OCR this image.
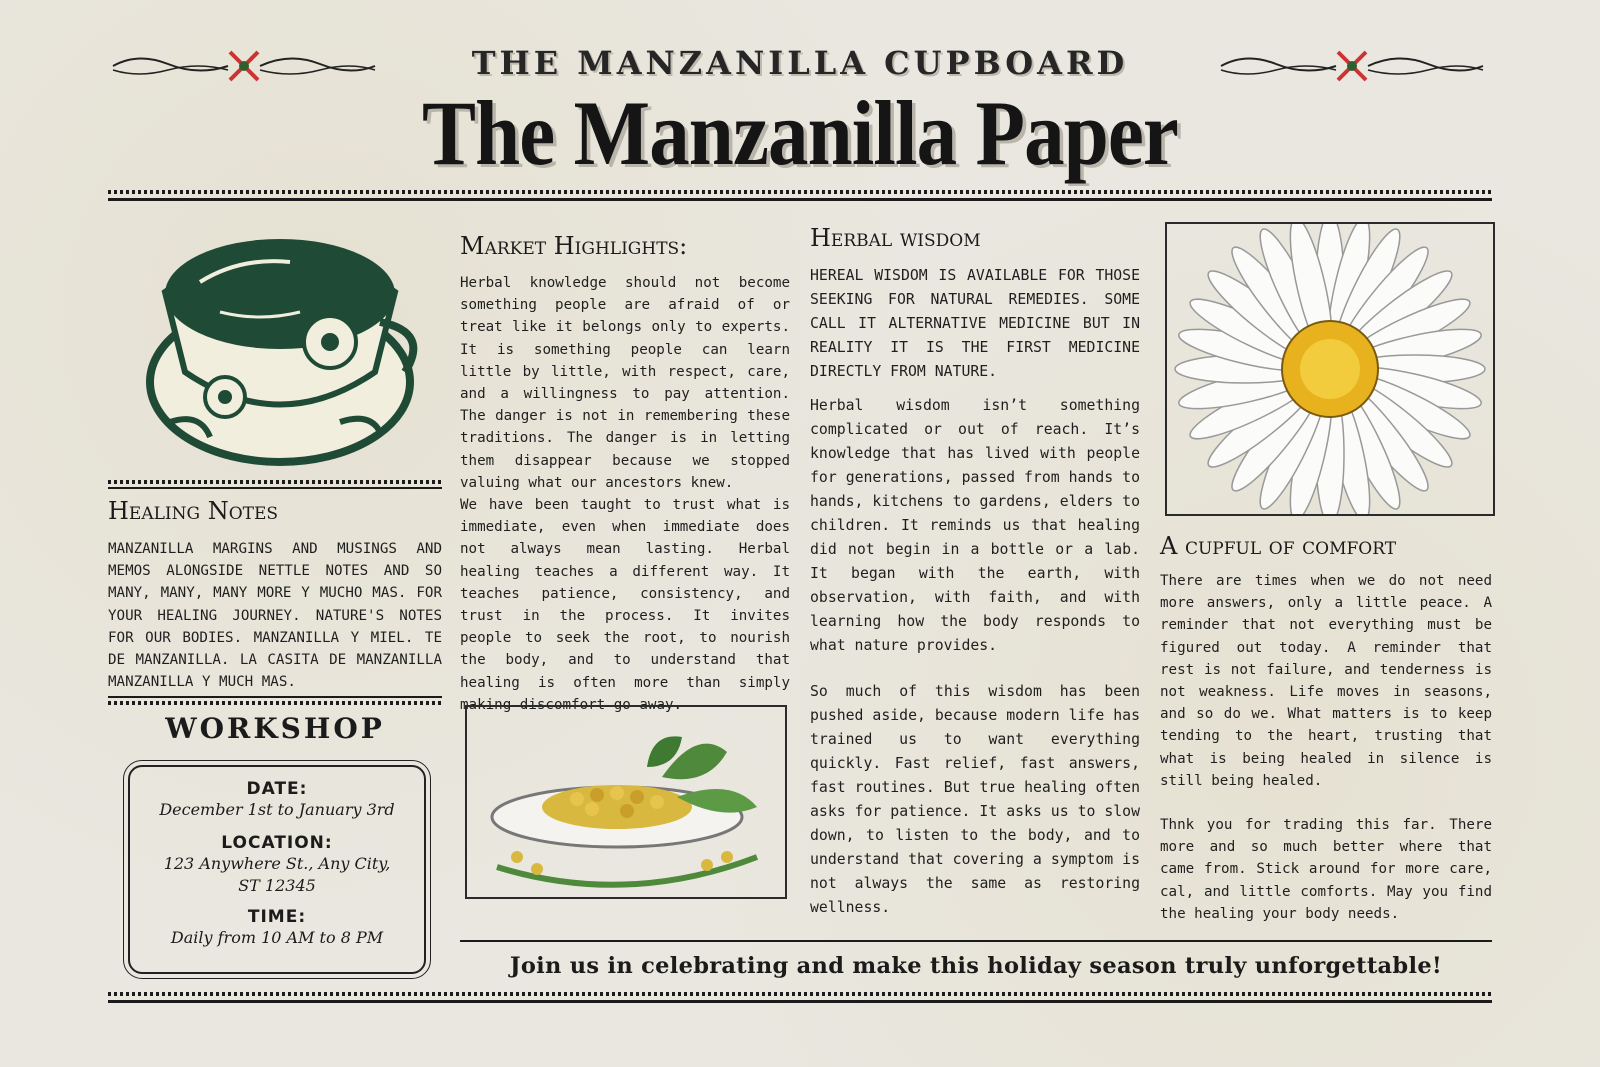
THE MANZANILLA CUPBOARD
The Manzanilla Paper
Healing Notes
MANZANILLA MARGINS AND MUSINGS AND MEMOS ALONGSIDE NETTLE NOTES AND SO MANY, MANY, MANY MORE Y MUCHO MAS. FOR YOUR HEALING JOURNEY. NATURE'S NOTES FOR OUR BODIES. MANZANILLA Y MIEL. TE DE MANZANILLA. LA CASITA DE MANZANILLA MANZANILLA Y MUCH MAS.
WORKSHOP
DATE:
December 1st to January 3rd
LOCATION:
123 Anywhere St., Any City,
ST 12345
TIME:
Daily from 10 AM to 8 PM
Market Highlights:
Herbal knowledge should not become something people are afraid of or treat like it belongs only to experts. It is something people can learn little by little, with respect, care, and a willingness to pay attention. The danger is not in remembering these traditions. The danger is in letting them disappear because we stopped valuing what our ancestors knew.
We have been taught to trust what is immediate, even when immediate does not always mean lasting. Herbal healing teaches a different way. It teaches patience, consistency, and trust in the process. It invites people to seek the root, to nourish the body, and to understand that healing is often more than simply making discomfort go away.
Herbal wisdom
HEREAL WISDOM IS AVAILABLE FOR THOSE SEEKING FOR NATURAL REMEDIES. SOME CALL IT ALTERNATIVE MEDICINE BUT IN REALITY IT IS THE FIRST MEDICINE DIRECTLY FROM NATURE.
Herbal wisdom isn’t something complicated or out of reach. It’s knowledge that has lived with people for generations, passed from hands to hands, kitchens to gardens, elders to children. It reminds us that healing did not begin in a bottle or a lab. It began with the earth, with observation, with faith, and with learning how the body responds to what nature provides.
So much of this wisdom has been pushed aside, because modern life has trained us to want everything quickly. Fast relief, fast answers, fast routines. But true healing often asks for patience. It asks us to slow down, to listen to the body, and to understand that covering a symptom is not always the same as restoring wellness.
A cupful of comfort
There are times when we do not need more answers, only a little peace. A reminder that not everything must be figured out today. A reminder that rest is not failure, and tenderness is not weakness. Life moves in seasons, and so do we. What matters is to keep tending to the heart, trusting that what is being healed in silence is still being healed.
Thnk you for trading this far. There more and so much better where that came from. Stick around for more care, cal, and little comforts. May you find the healing your body needs.
Join us in celebrating and make this holiday season truly unforgettable!
